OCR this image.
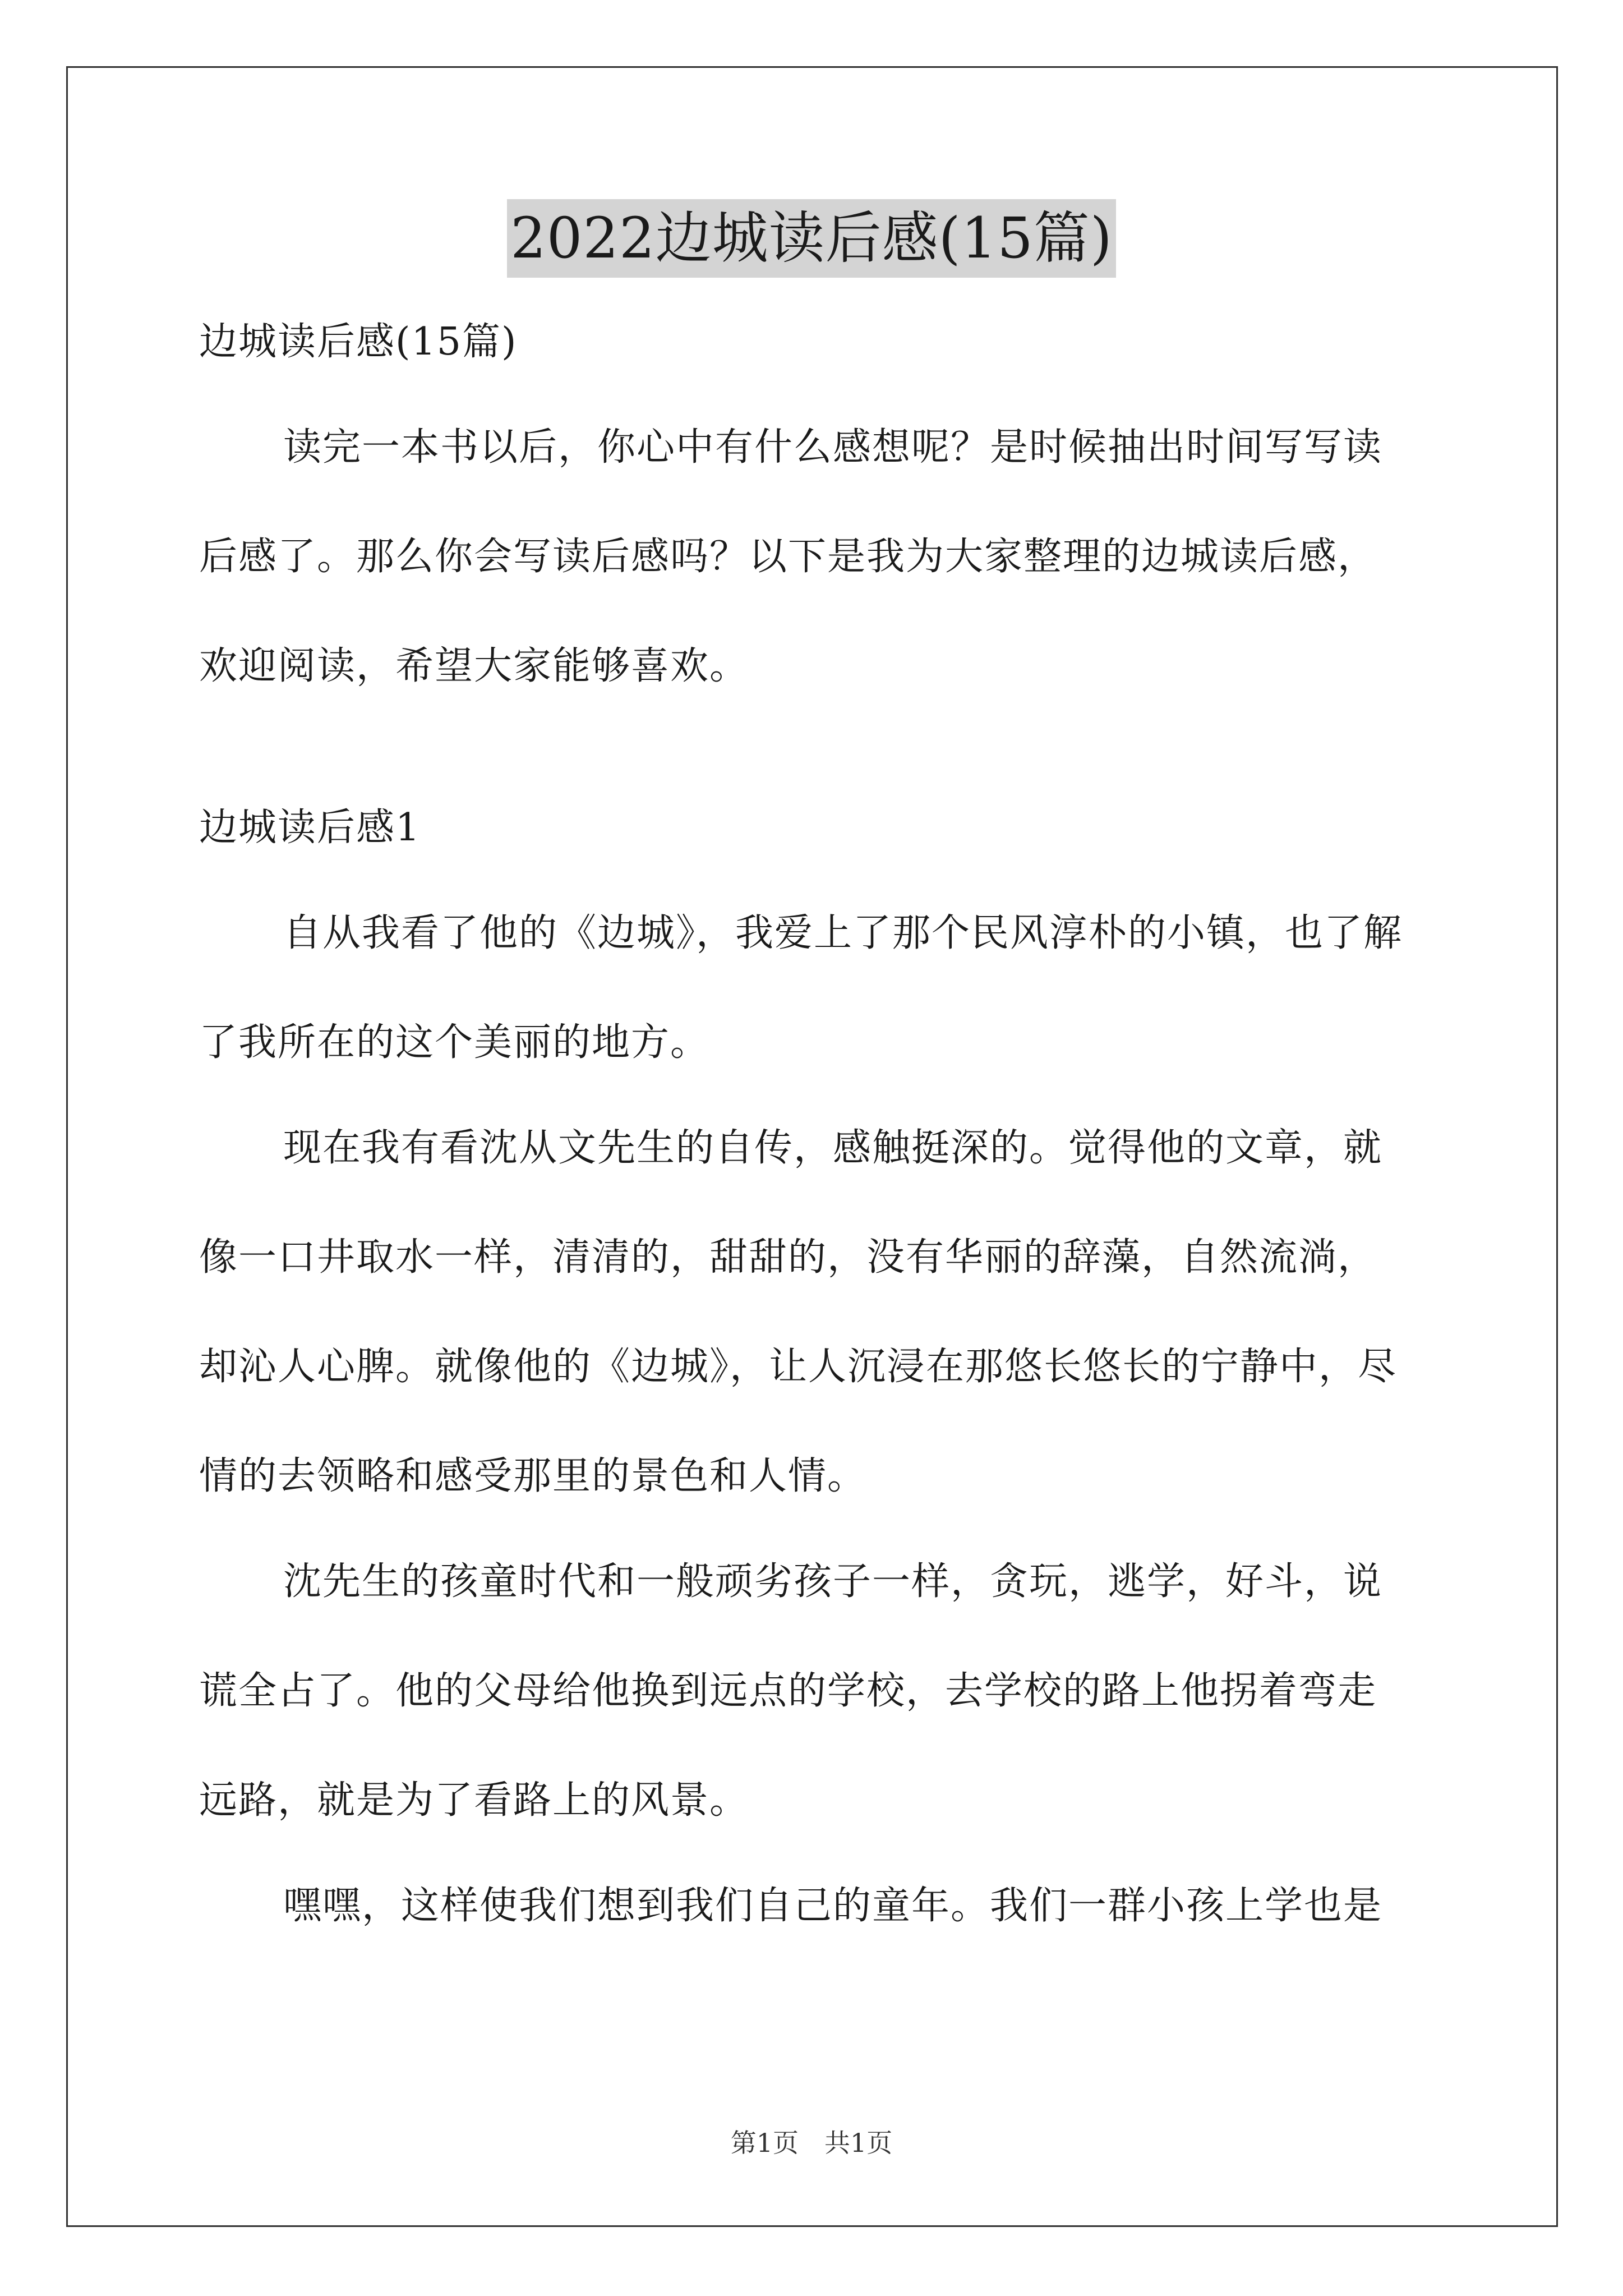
2022边城读后感(15篇)
边城读后感(15篇)
读完一本书以后，你心中有什么感想呢？是时候抽出时间写写读
后感了。那么你会写读后感吗？以下是我为大家整理的边城读后感，
欢迎阅读，希望大家能够喜欢。
边城读后感1
自从我看了他的《边城》，我爱上了那个民风淳朴的小镇，也了解
了我所在的这个美丽的地方。
现在我有看沈从文先生的自传，感触挺深的。觉得他的文章，就
像一口井取水一样，清清的，甜甜的，没有华丽的辞藻，自然流淌，
却沁人心脾。就像他的《边城》，让人沉浸在那悠长悠长的宁静中，尽
情的去领略和感受那里的景色和人情。
沈先生的孩童时代和一般顽劣孩子一样，贪玩，逃学，好斗，说
谎全占了。他的父母给他换到远点的学校，去学校的路上他拐着弯走
远路，就是为了看路上的风景。
嘿嘿，这样使我们想到我们自己的童年。我们一群小孩上学也是
第1页　共1页
